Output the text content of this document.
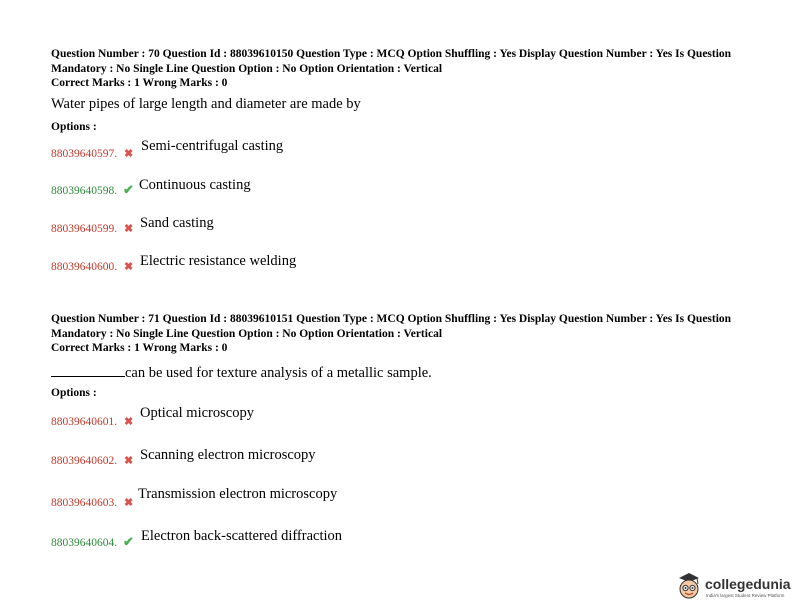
Question Number : 70 Question Id : 88039610150 Question Type : MCQ Option Shuffling : Yes Display Question Number : Yes Is Question Mandatory : No Single Line Question Option : No Option Orientation : Vertical
Correct Marks : 1 Wrong Marks : 0
Water pipes of large length and diameter are made by
Options :
88039640597. ✖ Semi-centrifugal casting
88039640598. ✔ Continuous casting
88039640599. ✖ Sand casting
88039640600. ✖ Electric resistance welding
Question Number : 71 Question Id : 88039610151 Question Type : MCQ Option Shuffling : Yes Display Question Number : Yes Is Question Mandatory : No Single Line Question Option : No Option Orientation : Vertical
Correct Marks : 1 Wrong Marks : 0
can be used for texture analysis of a metallic sample.
Options :
88039640601. ✖
Optical microscopy
88039640602. ✖ Scanning electron microscopy
88039640603. ✖
Transmission electron microscopy
88039640604. ✔ Electron back-scattered diffraction
collegedunia
India's largest Student Review Platform
